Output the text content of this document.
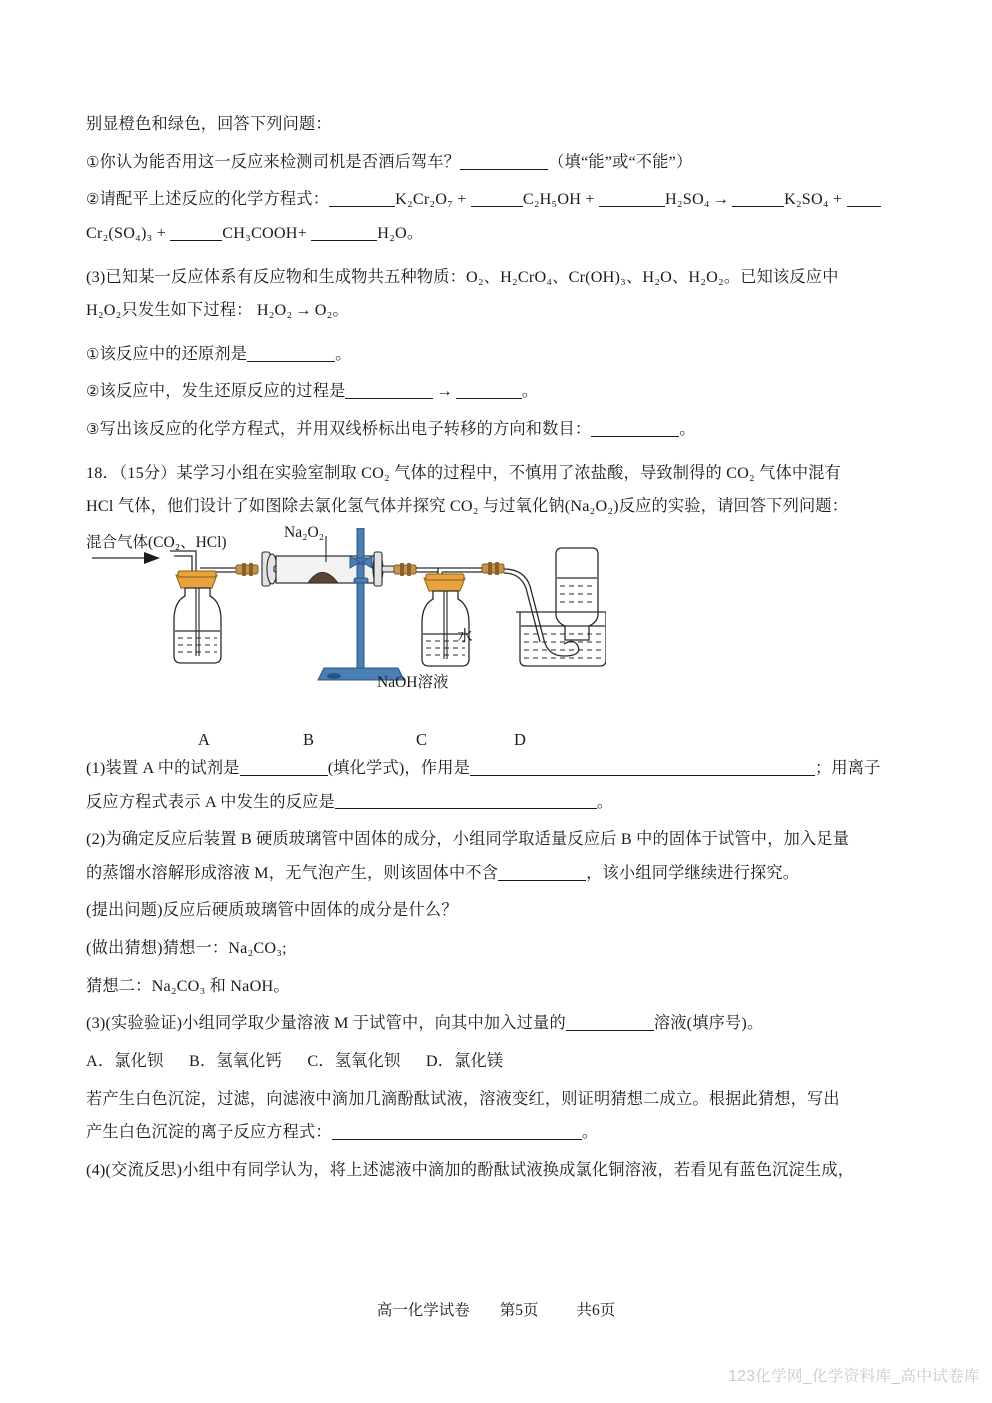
别显橙色和绿色，回答下列问题：

①你认为能否用这一反应来检测司机是否酒后驾车？	（填“能”或“不能”）

②请配平上述反应的化学方程式：	K₂Cr₂O₇ +	C₂H₅OH +	H₂SO₄ →	K₂SO₄ +

Cr₂(SO₄)₃ +	CH₃COOH+	H₂O。

(3)已知某一反应体系有反应物和生成物共五种物质：O₂、H₂CrO₄、Cr(OH)₃、H₂O、H₂O₂。已知该反应中

H₂O₂只发生如下过程： H₂O₂ → O₂。

①该反应中的还原剂是	。

②该反应中，发生还原反应的过程是	→	。

③写出该反应的化学方程式，并用双线桥标出电子转移的方向和数目：	。

18．（15分）某学习小组在实验室制取 CO₂ 气体的过程中，不慎用了浓盐酸，导致制得的 CO₂ 气体中混有

HCl 气体，他们设计了如图除去氯化氢气体并探究 CO₂ 与过氧化钠(Na₂O₂)反应的实验，请回答下列问题：

混合气体(CO₂、HCl)
Na₂O₂
NaOH溶液
水
A	B	C	D

(1)装置 A 中的试剂是	(填化学式)，作用是	；用离子

反应方程式表示 A 中发生的反应是	。

(2)为确定反应后装置 B 硬质玻璃管中固体的成分，小组同学取适量反应后 B 中的固体于试管中，加入足量

的蒸馏水溶解形成溶液 M，无气泡产生，则该固体中不含	，该小组同学继续进行探究。

(提出问题)反应后硬质玻璃管中固体的成分是什么？

(做出猜想)猜想一：Na₂CO₃;

猜想二：Na₂CO₃ 和 NaOH。

(3)(实验验证)小组同学取少量溶液 M 于试管中，向其中加入过量的	溶液(填序号)。

A．氯化钡 B．氢氧化钙 C．氢氧化钡 D．氯化镁

若产生白色沉淀，过滤，向滤液中滴加几滴酚酞试液，溶液变红，则证明猜想二成立。根据此猜想，写出

产生白色沉淀的离子反应方程式：	。

(4)(交流反思)小组中有同学认为，将上述滤液中滴加的酚酞试液换成氯化铜溶液，若看见有蓝色沉淀生成，

高一化学试卷 第5页 共6页
123化学网_化学资料库_高中试卷库
